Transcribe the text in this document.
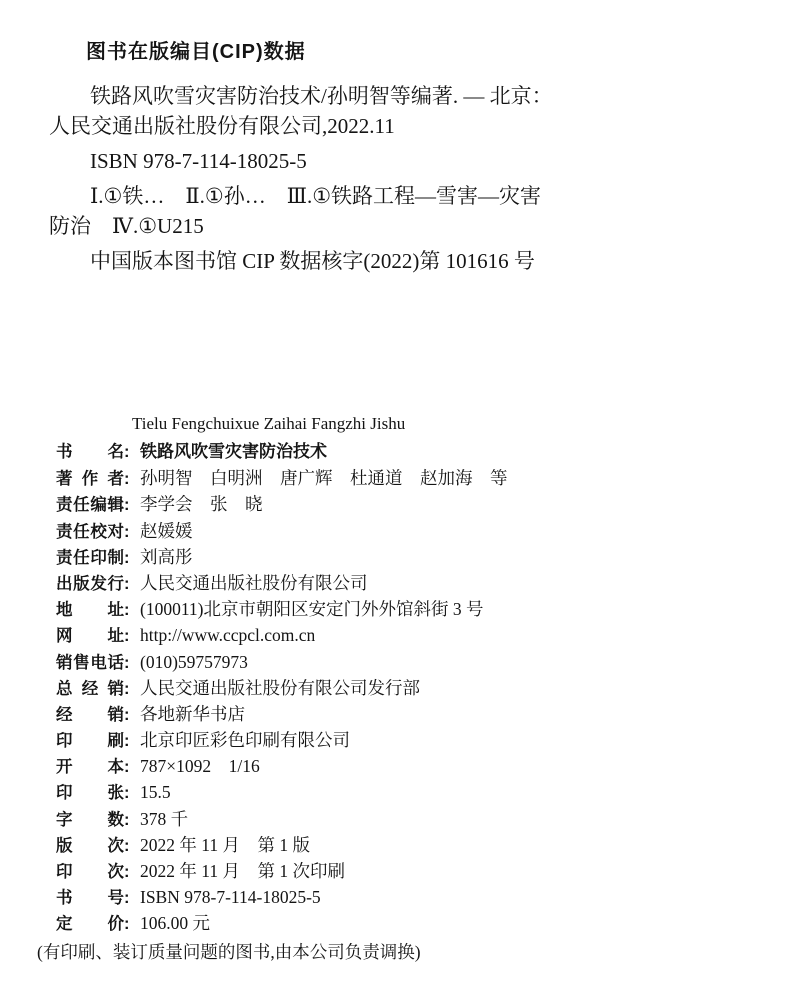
图书在版编目(CIP)数据

铁路风吹雪灾害防治技术/孙明智等编著. — 北京：

人民交通出版社股份有限公司,2022.11

ISBN 978-7-114-18025-5

Ⅰ.①铁…　Ⅱ.①孙…　Ⅲ.①铁路工程—雪害—灾害

防治　Ⅳ.①U215

中国版本图书馆 CIP 数据核字(2022)第 101616 号

Tielu Fengchuixue Zaihai Fangzhi Jishu

书名 : 铁路风吹雪灾害防治技术
著作者 : 孙明智　白明洲　唐广辉　杜通道　赵加海　等
责任编辑 : 李学会　张　晓
责任校对 : 赵媛媛
责任印制 : 刘高彤
出版发行 : 人民交通出版社股份有限公司
地址 : (100011)北京市朝阳区安定门外外馆斜街 3 号
网址 : http://www.ccpcl.com.cn
销售电话 : (010)59757973
总经销 : 人民交通出版社股份有限公司发行部
经销 : 各地新华书店
印刷 : 北京印匠彩色印刷有限公司
开本 : 787×1092　1/16
印张 : 15.5
字数 : 378 千
版次 : 2022 年 11 月　第 1 版
印次 : 2022 年 11 月　第 1 次印刷
书号 : ISBN 978-7-114-18025-5
定价 : 106.00 元

(有印刷、装订质量问题的图书,由本公司负责调换)
